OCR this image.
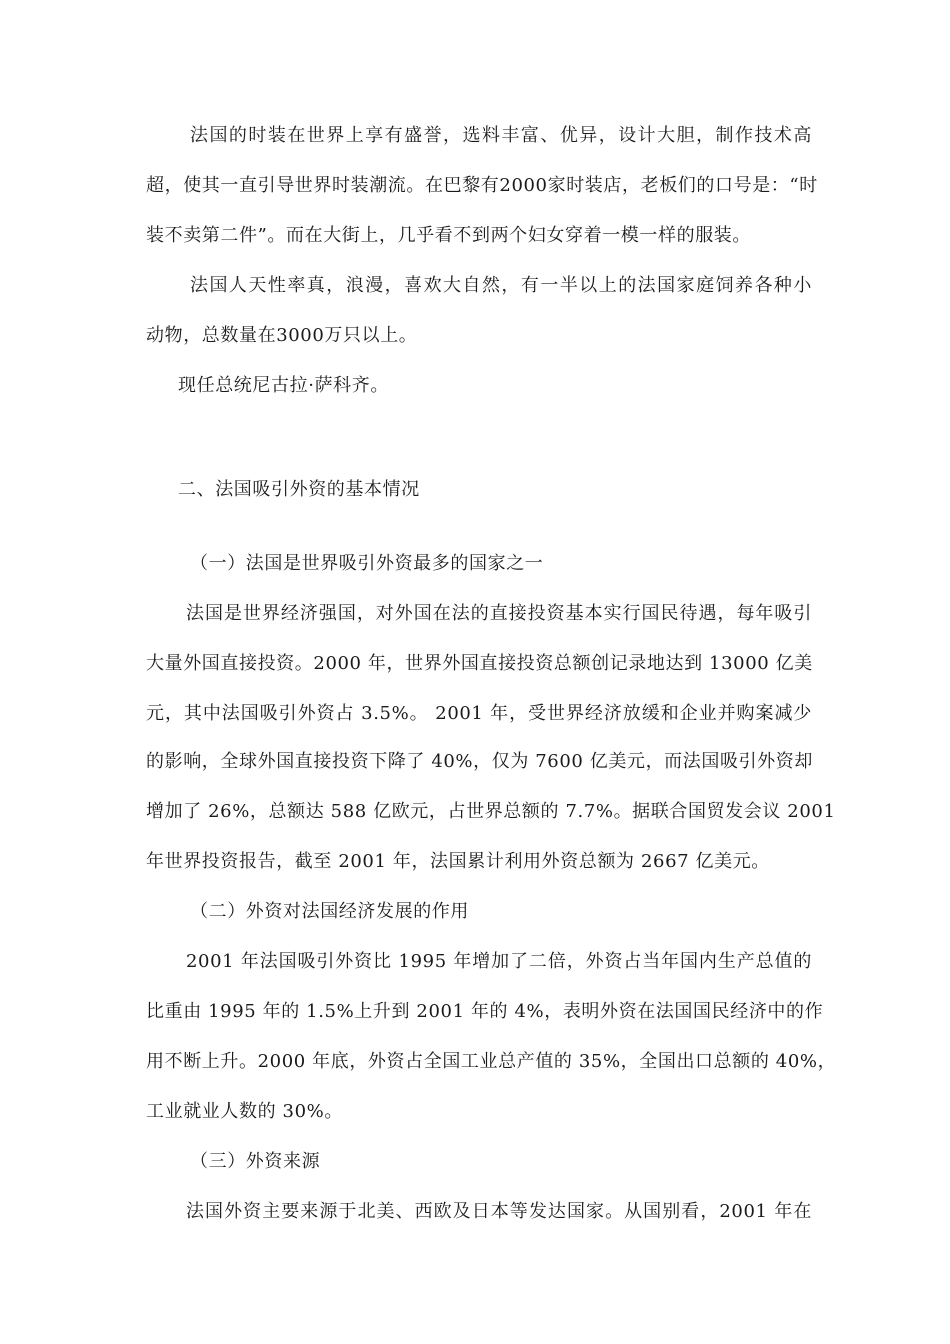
法国的时装在世界上享有盛誉，选料丰富、优异，设计大胆，制作技术高
超，使其一直引导世界时装潮流。在巴黎有2000家时装店，老板们的口号是：“时
装不卖第二件”。而在大街上，几乎看不到两个妇女穿着一模一样的服装。
法国人天性率真，浪漫，喜欢大自然，有一半以上的法国家庭饲养各种小
动物，总数量在3000万只以上。
现任总统尼古拉·萨科齐。
二、法国吸引外资的基本情况
（一）法国是世界吸引外资最多的国家之一
法国是世界经济强国，对外国在法的直接投资基本实行国民待遇，每年吸引
大量外国直接投资。2000 年，世界外国直接投资总额创记录地达到 13000 亿美
元，其中法国吸引外资占 3.5%。 2001 年，受世界经济放缓和企业并购案减少
的影响，全球外国直接投资下降了 40%，仅为 7600 亿美元，而法国吸引外资却
增加了 26%，总额达 588 亿欧元，占世界总额的 7.7%。据联合国贸发会议 2001
年世界投资报告，截至 2001 年，法国累计利用外资总额为 2667 亿美元。
（二）外资对法国经济发展的作用
2001 年法国吸引外资比 1995 年增加了二倍，外资占当年国内生产总值的
比重由 1995 年的 1.5%上升到 2001 年的 4%，表明外资在法国国民经济中的作
用不断上升。2000 年底，外资占全国工业总产值的 35%，全国出口总额的 40%，
工业就业人数的 30%。
（三）外资来源
法国外资主要来源于北美、西欧及日本等发达国家。从国别看，2001 年在
